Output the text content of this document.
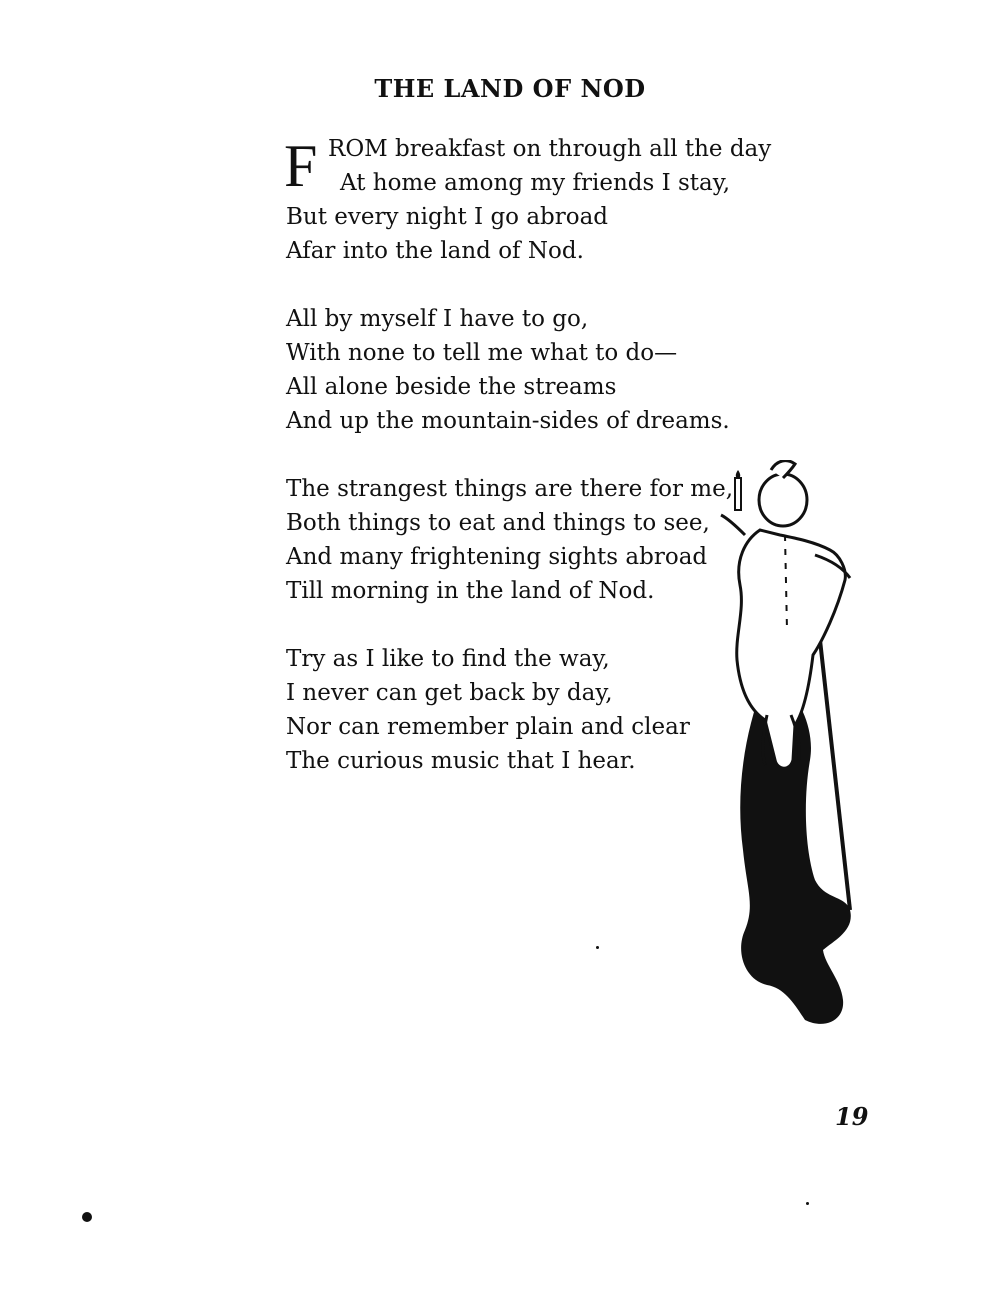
THE LAND OF NOD
F ROM breakfast on through all the day
At home among my friends I stay,
But every night I go abroad
Afar into the land of Nod.
All by myself I have to go,
With none to tell me what to do—
All alone beside the streams
And up the mountain-sides of dreams.
The strangest things are there for me,
Both things to eat and things to see,
And many frightening sights abroad
Till morning in the land of Nod.
Try as I like to find the way,
I never can get back by day,
Nor can remember plain and clear
The curious music that I hear.
19
